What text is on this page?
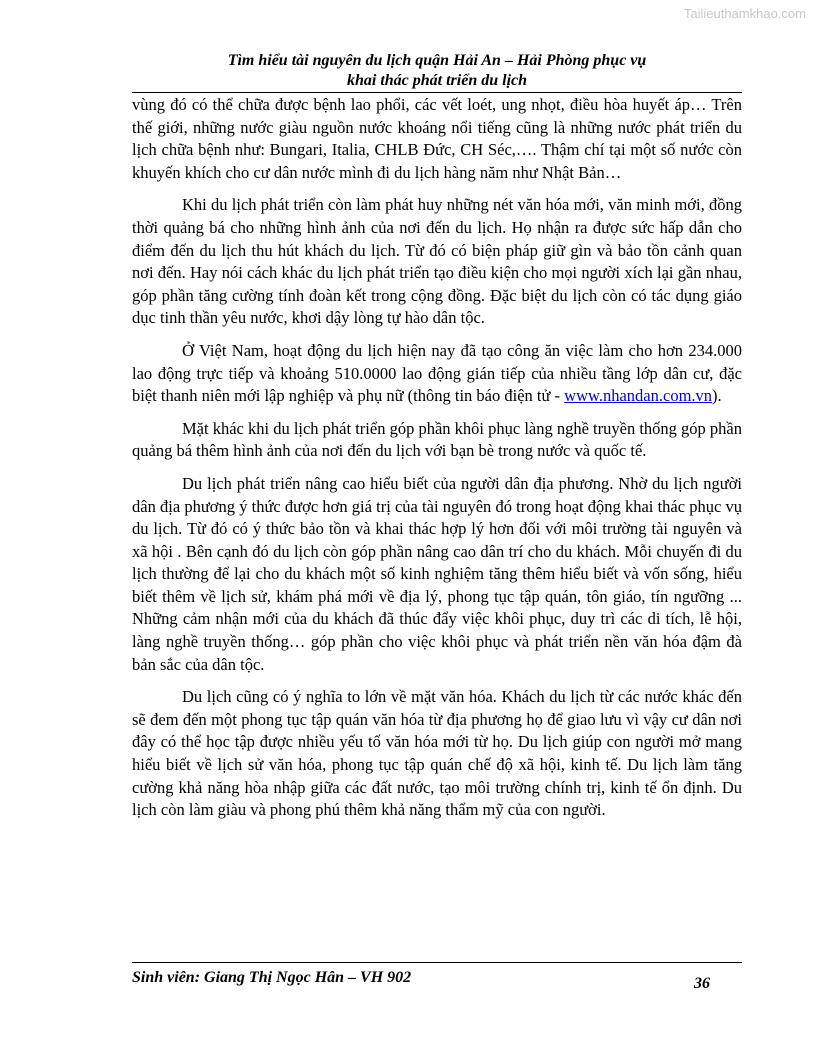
Tailieuthamkhao.com
Tìm hiểu tài nguyên du lịch quận Hải An – Hải Phòng phục vụ
khai thác phát triển du lịch

vùng đó có thể chữa được bệnh lao phổi, các vết loét, ung nhọt, điều hòa huyết áp… Trên thế giới, những nước giàu nguồn nước khoáng nổi tiếng cũng là những nước phát triển du lịch chữa bệnh như: Bungari, Italia, CHLB Đức, CH Séc,…. Thậm chí tại một số nước còn khuyến khích cho cư dân nước mình đi du lịch hàng năm như Nhật Bản…

Khi du lịch phát triển còn làm phát huy những nét văn hóa mới, văn minh mới, đồng thời quảng bá cho những hình ảnh của nơi đến du lịch. Họ nhận ra được sức hấp dẫn cho điểm đến du lịch thu hút khách du lịch. Từ đó có biện pháp giữ gìn và bảo tồn cảnh quan nơi đến. Hay nói cách khác du lịch phát triển tạo điều kiện cho mọi người xích lại gần nhau, góp phần tăng cường tính đoàn kết trong cộng đồng. Đặc biệt du lịch còn có tác dụng giáo dục tinh thần yêu nước, khơi dậy lòng tự hào dân tộc.

Ở Việt Nam, hoạt động du lịch hiện nay đã tạo công ăn việc làm cho hơn 234.000 lao động trực tiếp và khoảng 510.0000 lao động gián tiếp của nhiều tầng lớp dân cư, đặc biệt thanh niên mới lập nghiệp và phụ nữ (thông tin báo điện tử - www.nhandan.com.vn).

Mặt khác khi du lịch phát triển góp phần khôi phục làng nghề truyền thống góp phần quảng bá thêm hình ảnh của nơi đến du lịch với bạn bè trong nước và quốc tế.

Du lịch phát triển nâng cao hiểu biết của người dân địa phương. Nhờ du lịch người dân địa phương ý thức được hơn giá trị của tài nguyên đó trong hoạt động khai thác phục vụ du lịch. Từ đó có ý thức bảo tồn và khai thác hợp lý hơn đối với môi trường tài nguyên và xã hội . Bên cạnh đó du lịch còn góp phần nâng cao dân trí cho du khách. Mỗi chuyến đi du lịch thường để lại cho du khách một số kinh nghiệm tăng thêm hiểu biết và vốn sống, hiểu biết thêm về lịch sử, khám phá mới về địa lý, phong tục tập quán, tôn giáo, tín ngưỡng ... Những cảm nhận mới của du khách đã thúc đẩy việc khôi phục, duy trì các di tích, lễ hội, làng nghề truyền thống… góp phần cho việc khôi phục và phát triển nền văn hóa đậm đà bản sắc của dân tộc.

Du lịch cũng có ý nghĩa to lớn về mặt văn hóa. Khách du lịch từ các nước khác đến sẽ đem đến một phong tục tập quán văn hóa từ địa phương họ để giao lưu vì vậy cư dân nơi đây có thể học tập được nhiều yếu tố văn hóa mới từ họ. Du lịch giúp con người mở mang hiểu biết về lịch sử văn hóa, phong tục tập quán chế độ xã hội, kinh tế. Du lịch làm tăng cường khả năng hòa nhập giữa các đất nước, tạo môi trường chính trị, kinh tế ổn định. Du lịch còn làm giàu và phong phú thêm khả năng thẩm mỹ của con người.

Sinh viên: Giang Thị Ngọc Hân – VH 902	36
